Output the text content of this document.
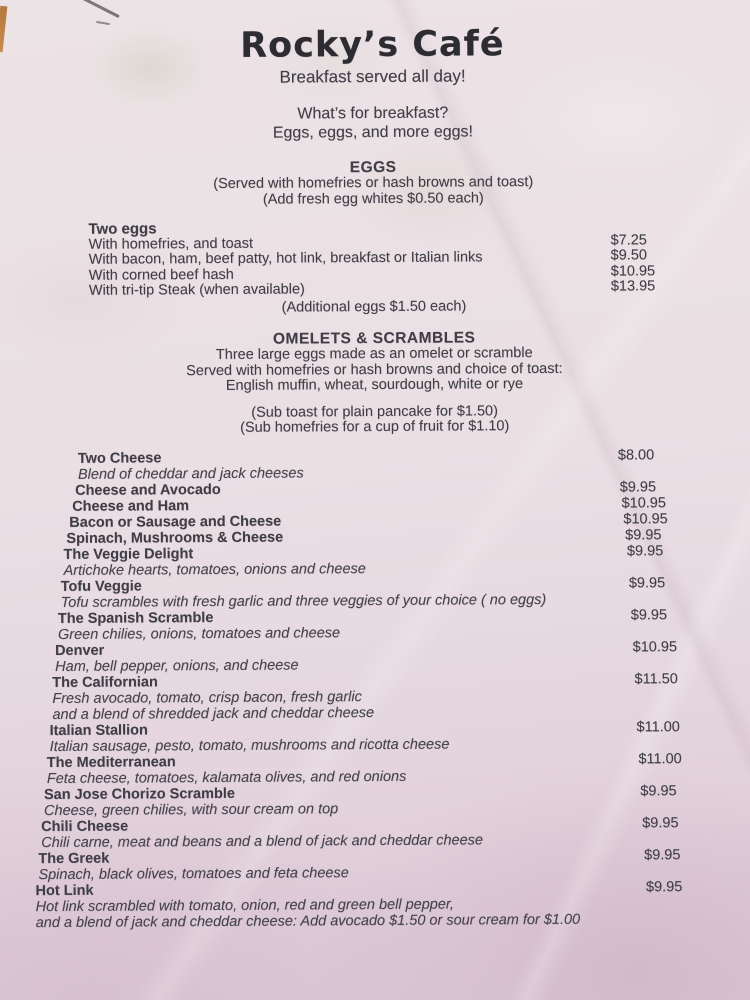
Rocky’s Café
Breakfast served all day!
What’s for breakfast?
Eggs, eggs, and more eggs!
EGGS
(Served with homefries or hash browns and toast)
(Add fresh egg whites $0.50 each)
Two eggs
With homefries, and toast	$7.25
With bacon, ham, beef patty, hot link, breakfast or Italian links	$9.50
With corned beef hash	$10.95
With tri-tip Steak (when available)	$13.95
(Additional eggs $1.50 each)
OMELETS & SCRAMBLES
Three large eggs made as an omelet or scramble
Served with homefries or hash browns and choice of toast:
English muffin, wheat, sourdough, white or rye
(Sub toast for plain pancake for $1.50)
(Sub homefries for a cup of fruit for $1.10)
Two Cheese	$8.00
Blend of cheddar and jack cheeses
Cheese and Avocado	$9.95
Cheese and Ham	$10.95
Bacon or Sausage and Cheese	$10.95
Spinach, Mushrooms & Cheese	$9.95
The Veggie Delight	$9.95
Artichoke hearts, tomatoes, onions and cheese
Tofu Veggie	$9.95
Tofu scrambles with fresh garlic and three veggies of your choice ( no eggs)
The Spanish Scramble	$9.95
Green chilies, onions, tomatoes and cheese
Denver	$10.95
Ham, bell pepper, onions, and cheese
The Californian	$11.50
Fresh avocado, tomato, crisp bacon, fresh garlic
and a blend of shredded jack and cheddar cheese
Italian Stallion	$11.00
Italian sausage, pesto, tomato, mushrooms and ricotta cheese
The Mediterranean	$11.00
Feta cheese, tomatoes, kalamata olives, and red onions
San Jose Chorizo Scramble	$9.95
Cheese, green chilies, with sour cream on top
Chili Cheese	$9.95
Chili carne, meat and beans and a blend of jack and cheddar cheese
The Greek	$9.95
Spinach, black olives, tomatoes and feta cheese
Hot Link	$9.95
Hot link scrambled with tomato, onion, red and green bell pepper,
and a blend of jack and cheddar cheese: Add avocado $1.50 or sour cream for $1.00
